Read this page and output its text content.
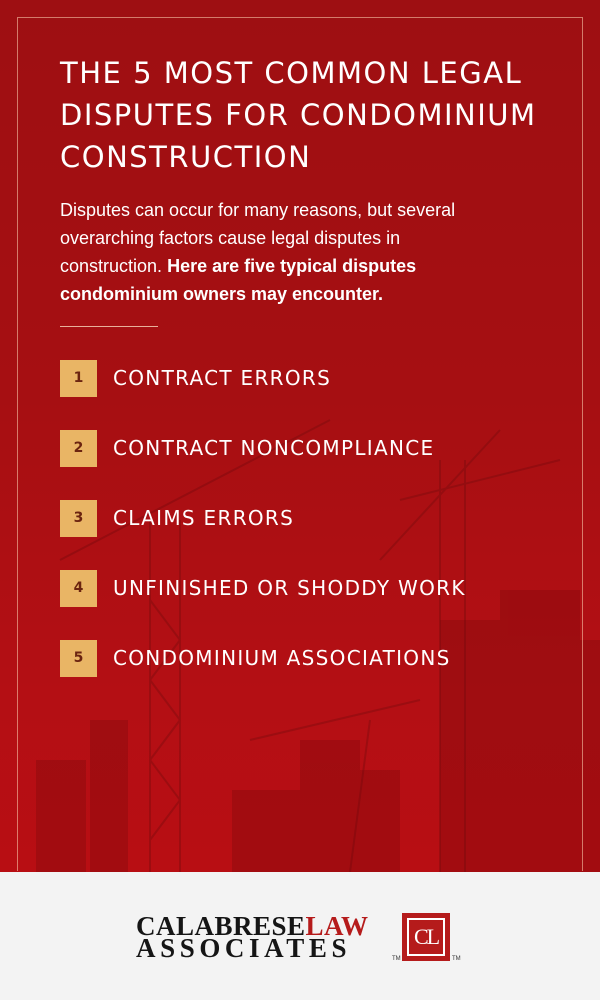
THE 5 MOST COMMON LEGAL
DISPUTES FOR CONDOMINIUM
CONSTRUCTION

Disputes can occur for many reasons, but several overarching factors cause legal disputes in construction. Here are five typical disputes condominium owners may encounter.

1	CONTRACT ERRORS
2	CONTRACT NONCOMPLIANCE
3	CLAIMS ERRORS
4	UNFINISHED OR SHODDY WORK
5	CONDOMINIUM ASSOCIATIONS
CALABRESELAW
ASSOCIATES	TM
CL
TM
